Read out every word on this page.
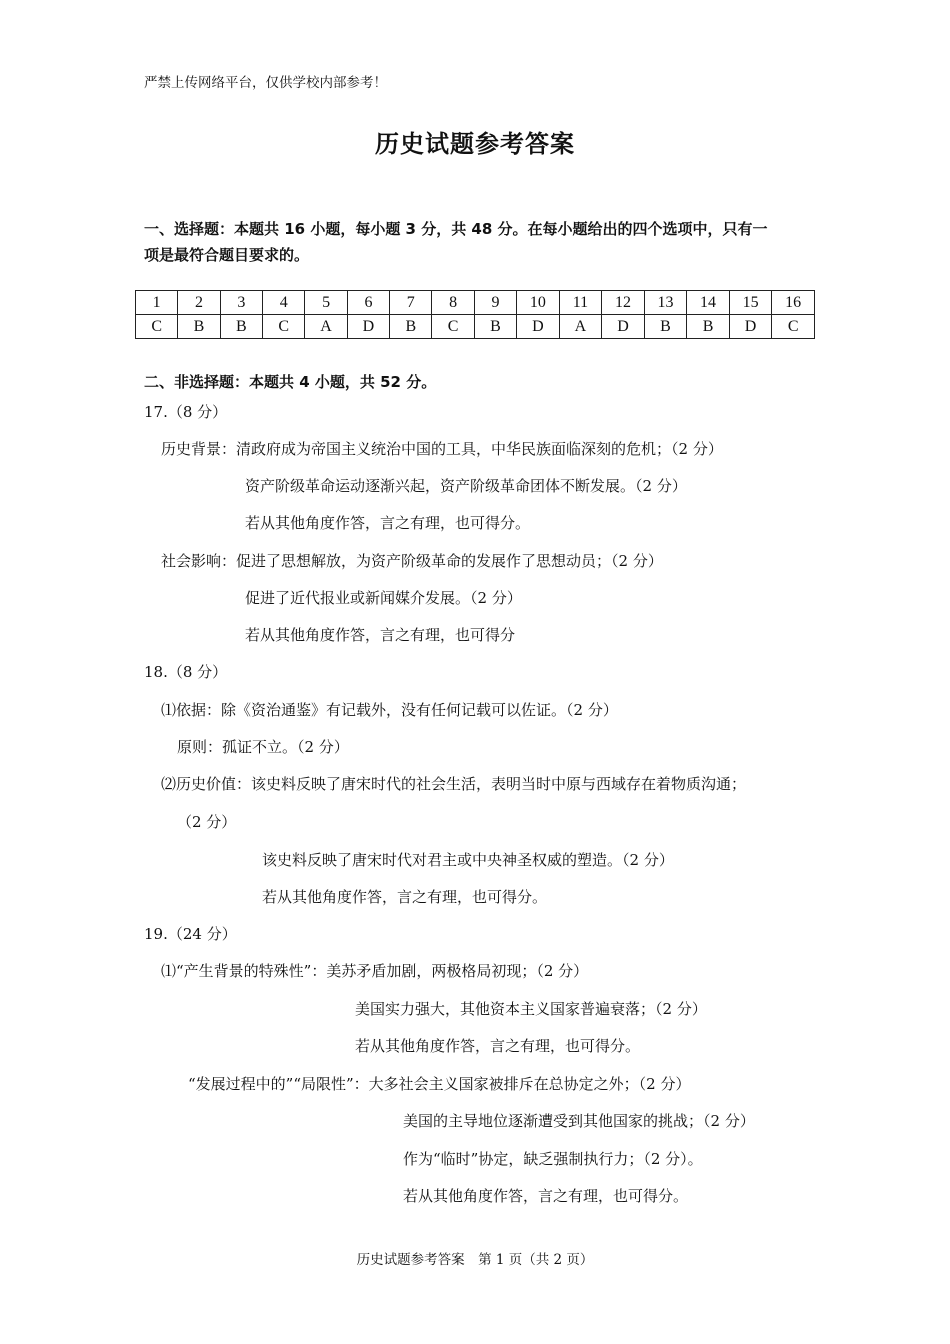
严禁上传网络平台，仅供学校内部参考！
历史试题参考答案
一、选择题：本题共 16 小题，每小题 3 分，共 48 分。在每小题给出的四个选项中，只有一
项是最符合题目要求的。
1	2	3	4	5	6	7	8	9	10	11	12	13	14	15	16
C	B	B	C	A	D	B	C	B	D	A	D	B	B	D	C
二、非选择题：本题共 4 小题，共 52 分。
17.（8 分）
历史背景：清政府成为帝国主义统治中国的工具，中华民族面临深刻的危机；（2 分）
资产阶级革命运动逐渐兴起，资产阶级革命团体不断发展。（2 分）
若从其他角度作答，言之有理，也可得分。
社会影响：促进了思想解放，为资产阶级革命的发展作了思想动员；（2 分）
促进了近代报业或新闻媒介发展。（2 分）
若从其他角度作答，言之有理，也可得分
18.（8 分）
⑴依据：除《资治通鉴》有记载外，没有任何记载可以佐证。（2 分）
原则：孤证不立。（2 分）
⑵历史价值：该史料反映了唐宋时代的社会生活，表明当时中原与西域存在着物质沟通；
（2 分）
该史料反映了唐宋时代对君主或中央神圣权威的塑造。（2 分）
若从其他角度作答，言之有理，也可得分。
19.（24 分）
⑴“产生背景的特殊性”：美苏矛盾加剧，两极格局初现；（2 分）
美国实力强大，其他资本主义国家普遍衰落；（2 分）
若从其他角度作答，言之有理，也可得分。
“发展过程中的”“局限性”：大多社会主义国家被排斥在总协定之外；（2 分）
美国的主导地位逐渐遭受到其他国家的挑战；（2 分）
作为“临时”协定，缺乏强制执行力；（2 分）。
若从其他角度作答，言之有理，也可得分。
历史试题参考答案　第 1 页（共 2 页）
